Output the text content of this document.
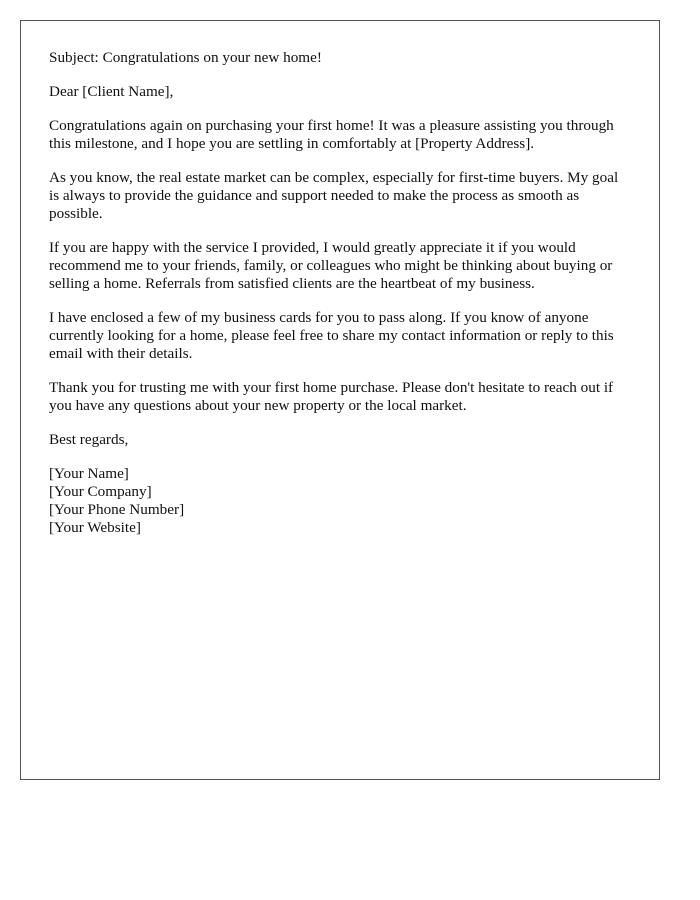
Subject: Congratulations on your new home!

Dear [Client Name],

Congratulations again on purchasing your first home! It was a pleasure assisting you through this milestone, and I hope you are settling in comfortably at [Property Address].

As you know, the real estate market can be complex, especially for first-time buyers. My goal is always to provide the guidance and support needed to make the process as smooth as possible.

If you are happy with the service I provided, I would greatly appreciate it if you would recommend me to your friends, family, or colleagues who might be thinking about buying or selling a home. Referrals from satisfied clients are the heartbeat of my business.

I have enclosed a few of my business cards for you to pass along. If you know of anyone currently looking for a home, please feel free to share my contact information or reply to this email with their details.

Thank you for trusting me with your first home purchase. Please don't hesitate to reach out if you have any questions about your new property or the local market.

Best regards,

[Your Name]
[Your Company]
[Your Phone Number]
[Your Website]
